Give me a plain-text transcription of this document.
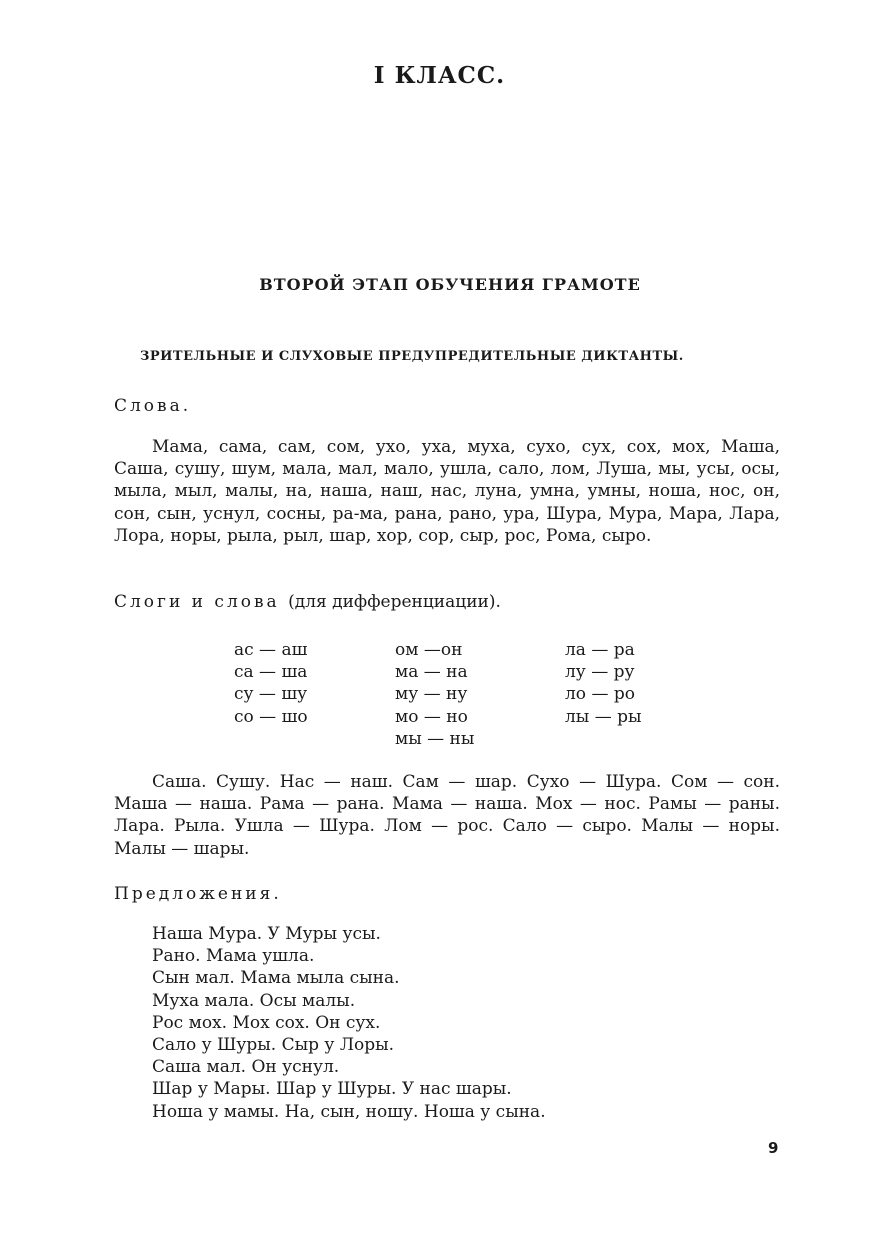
I КЛАСС.
ВТОРОЙ ЭТАП ОБУЧЕНИЯ ГРАМОТЕ
ЗРИТЕЛЬНЫЕ И СЛУХОВЫЕ ПРЕДУПРЕДИТЕЛЬНЫЕ ДИКТАНТЫ.
Слова.

Мама, сама, сам, сом, ухо, уха, муха, сухо, сух, сох, мох, Маша, Саша, сушу, шум, мала, мал, мало, ушла, сало, лом, Луша, мы, усы, осы, мыла, мыл, малы, на, наша, наш, нас, луна, умна, умны, ноша, нос, он, сон, сын, уснул, сосны, ра-ма, рана, рано, ура, Шура, Мура, Мара, Лара, Лора, норы, рыла, рыл, шар, хор, сор, сыр, рос, Рома, сыро.

Слоги и слова (для дифференциации).
ас — аш
са — ша
су — шу
со — шо
ом —он
ма — на
му — ну
мо — но
мы — ны
ла — ра
лу — ру
ло — ро
лы — ры

Саша. Сушу. Нас — наш. Сам — шар. Сухо — Шура. Сом — сон. Маша — наша. Рама — рана. Мама — наша. Мох — нос. Рамы — раны. Лара. Рыла. Ушла — Шура. Лом — рос. Сало — сыро. Малы — норы. Малы — шары.

Предложения.
Наша Мура. У Муры усы.
Рано. Мама ушла.
Сын мал. Мама мыла сына.
Муха мала. Осы малы.
Рос мох. Мох сох. Он сух.
Сало у Шуры. Сыр у Лоры.
Саша мал. Он уснул.
Шар у Мары. Шар у Шуры. У нас шары.
Ноша у мамы. На, сын, ношу. Ноша у сына.
9
